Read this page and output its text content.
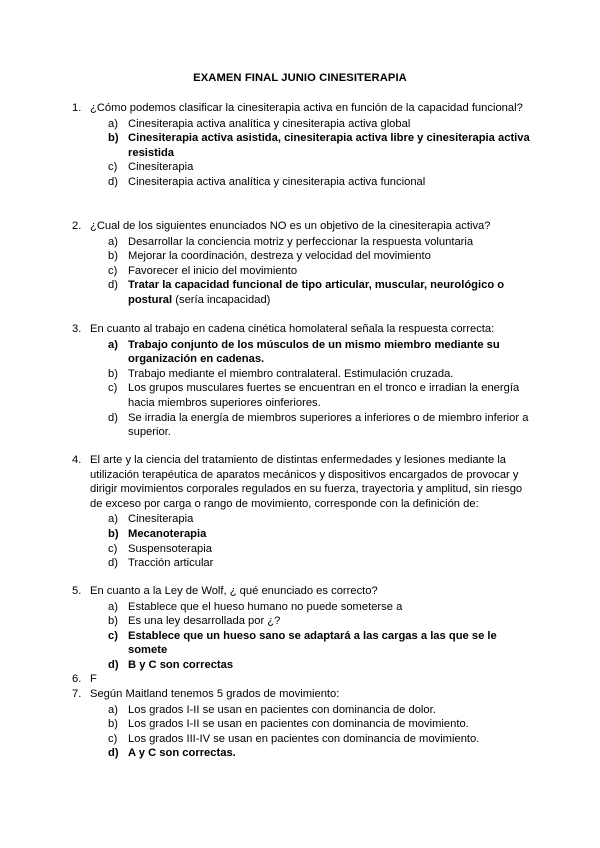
EXAMEN FINAL JUNIO CINESITERAPIA
1. ¿Cómo podemos clasificar la cinesiterapia activa en función de la capacidad funcional?
a) Cinesiterapia activa analítica y cinesiterapia activa global
b) Cinesiterapia activa asistida, cinesiterapia activa libre y cinesiterapia activa resistida
c) Cinesiterapia
d) Cinesiterapia activa analítica y cinesiterapia activa funcional
2. ¿Cual de los siguientes enunciados NO es un objetivo de la cinesiterapia activa?
a) Desarrollar la conciencia motriz y perfeccionar la respuesta voluntaria
b) Mejorar la coordinación, destreza y velocidad del movimiento
c) Favorecer el inicio del movimiento
d) Tratar la capacidad funcional de tipo articular, muscular, neurológico o postural (sería incapacidad)
3. En cuanto al trabajo en cadena cinética homolateral señala la respuesta correcta:
a) Trabajo conjunto de los músculos de un mismo miembro mediante su organización en cadenas.
b) Trabajo mediante el miembro contralateral. Estimulación cruzada.
c) Los grupos musculares fuertes se encuentran en el tronco e irradian la energía hacia miembros superiores oinferiores.
d) Se irradia la energía de miembros superiores a inferiores o de miembro inferior a superior.
4. El arte y la ciencia del tratamiento de distintas enfermedades y lesiones mediante la utilización terapéutica de aparatos mecánicos y dispositivos encargados de provocar y dirigir movimientos corporales regulados en su fuerza, trayectoria y amplitud, sin riesgo de exceso por carga o rango de movimiento, corresponde con la definición de:
a) Cinesiterapia
b) Mecanoterapia
c) Suspensoterapia
d) Tracción articular
5. En cuanto a la Ley de Wolf, ¿ qué enunciado es correcto?
a) Establece que el hueso humano no puede someterse a
b) Es una ley desarrollada por ¿?
c) Establece que un hueso sano se adaptará a las cargas a las que se le somete
d) B y C son correctas
6. F
7. Según Maitland tenemos 5 grados de movimiento:
a) Los grados I-II se usan en pacientes con dominancia de dolor.
b) Los grados I-II se usan en pacientes con dominancia de movimiento.
c) Los grados III-IV se usan en pacientes con dominancia de movimiento.
d) A y C son correctas.
